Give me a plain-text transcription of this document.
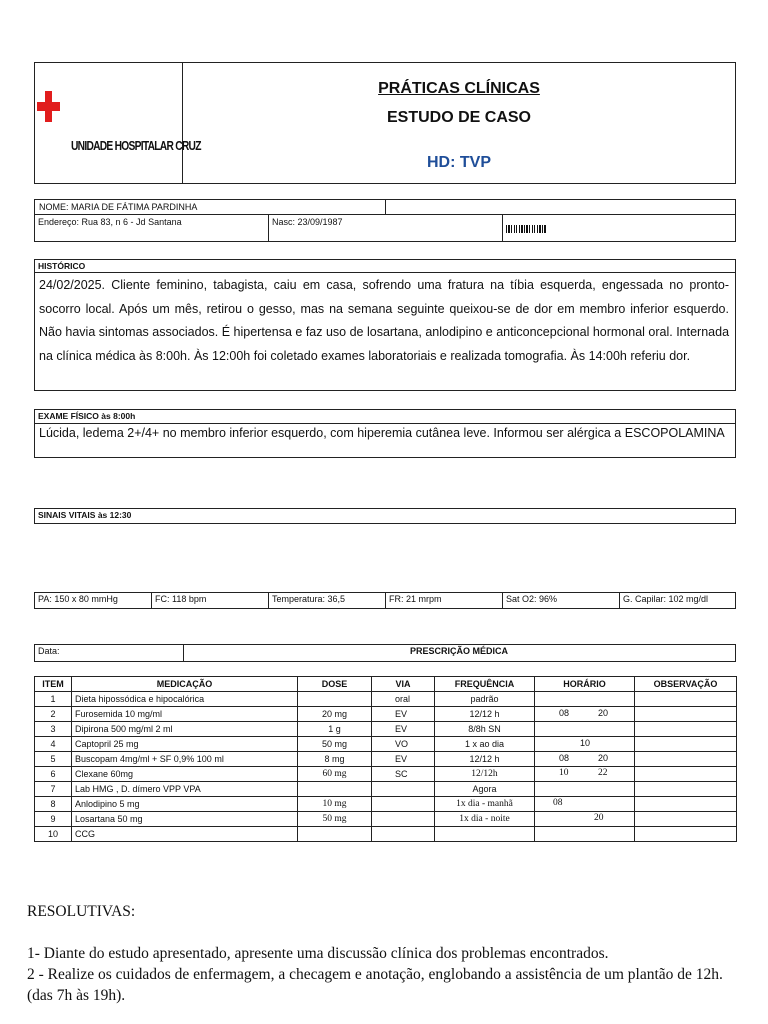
UNIDADE HOSPITALAR CRUZ
PRÁTICAS CLÍNICAS
ESTUDO DE CASO
HD: TVP
NOME: MARIA DE FÁTIMA PARDINHA
Endereço: Rua 83, n 6 - Jd Santana	Nasc: 23/09/1987
HISTÓRICO
24/02/2025. Cliente feminino, tabagista, caiu em casa, sofrendo uma fratura na tíbia esquerda, engessada no pronto-socorro local. Após um mês, retirou o gesso, mas na semana seguinte queixou-se de dor em membro inferior esquerdo. Não havia sintomas associados. É hipertensa e faz uso de losartana, anlodipino e anticoncepcional hormonal oral. Internada na clínica médica às 8:00h. Às 12:00h foi coletado exames laboratoriais e realizada tomografia. Às 14:00h referiu dor.
EXAME FÍSICO às 8:00h
Lúcida, ledema 2+/4+ no membro inferior esquerdo, com hiperemia cutânea leve. Informou ser alérgica a ESCOPOLAMINA
SINAIS VITAIS às 12:30
PA: 150 x 80 mmHg	FC: 118 bpm	Temperatura: 36,5	FR: 21 mrpm	Sat O2: 96%	G. Capilar: 102 mg/dl
Data:	PRESCRIÇÃO MÉDICA
ITEM	MEDICAÇÃO	DOSE	VIA	FREQUÊNCIA	HORÁRIO	OBSERVAÇÃO
1	Dieta hipossódica e hipocalórica		oral	padrão	

2	Furosemida 10 mg/ml	20 mg	EV	12/12 h	08 20	

3	Dipirona 500 mg/ml 2 ml	1 g	EV	8/8h SN	

4	Captopril 25 mg	50 mg	VO	1 x ao dia	10	

5	Buscopam 4mg/ml + SF 0,9% 100 ml	8 mg	EV	12/12 h	08 20	

6	Clexane 60mg	60 mg	SC	12/12h	10 22	

7	Lab HMG , D. dímero VPP VPA			Agora	

8	Anlodipino 5 mg	10 mg		1x dia - manhã	08	

9	Losartana 50 mg	50 mg		1x dia - noite	20	

10	CCG				

RESOLUTIVAS:
1- Diante do estudo apresentado, apresente uma discussão clínica dos problemas encontrados.
2 - Realize os cuidados de enfermagem, a checagem e anotação, englobando a assistência de um plantão de 12h. (das 7h às 19h).
